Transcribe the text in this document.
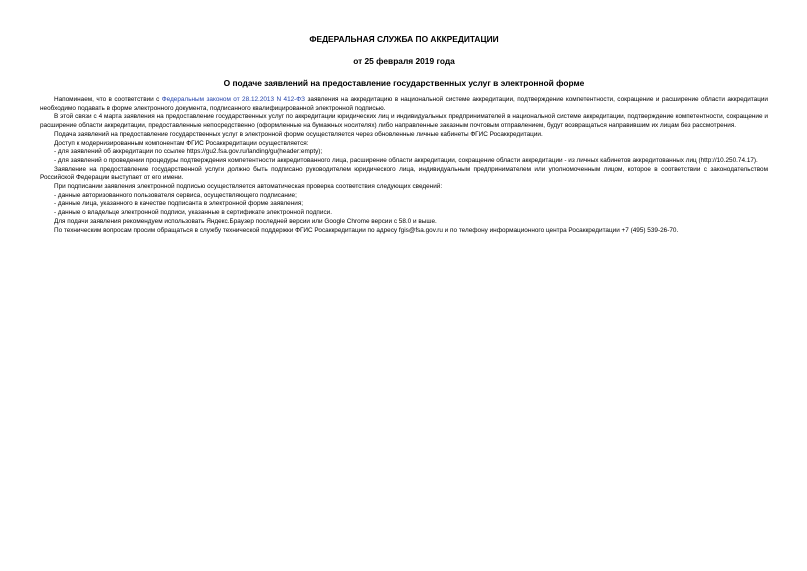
ФЕДЕРАЛЬНАЯ СЛУЖБА ПО АККРЕДИТАЦИИ

от 25 февраля 2019 года

О подаче заявлений на предоставление государственных услуг в электронной форме

Напоминаем, что в соответствии с Федеральным законом от 28.12.2013 N 412-ФЗ заявления на аккредитацию в национальной системе аккредитации, подтверждение компетентности, сокращение и расширение области аккредитации необходимо подавать в форме электронного документа, подписанного квалифицированной электронной подписью.

В этой связи с 4 марта заявления на предоставление государственных услуг по аккредитации юридических лиц и индивидуальных предпринимателей в национальной системе аккредитации, подтверждение компетентности, сокращение и расширение области аккредитации, предоставленные непосредственно (оформленные на бумажных носителях) либо направленные заказным почтовым отправлением, будут возвращаться направившим их лицам без рассмотрения.

Подача заявлений на предоставление государственных услуг в электронной форме осуществляется через обновленные личные кабинеты ФГИС Росаккредитации.

Доступ к модернизированным компонентам ФГИС Росаккредитации осуществляется:

- для заявлений об аккредитации по ссылке https://gu2.fsa.gov.ru/landing/gu(header:empty);

- для заявлений о проведении процедуры подтверждения компетентности аккредитованного лица, расширение области аккредитации, сокращение области аккредитации - из личных кабинетов аккредитованных лиц (http://10.250.74.17).

Заявление на предоставление государственной услуги должно быть подписано руководителем юридического лица, индивидуальным предпринимателем или уполномоченным лицом, которое в соответствии с законодательством Российской Федерации выступает от его имени.

При подписании заявления электронной подписью осуществляется автоматическая проверка соответствия следующих сведений:

- данные авторизованного пользователя сервиса, осуществляющего подписание;

- данные лица, указанного в качестве подписанта в электронной форме заявления;

- данные о владельце электронной подписи, указанные в сертификате электронной подписи.

Для подачи заявления рекомендуем использовать Яндекс.Браузер последней версии или Google Chrome версии с 58.0 и выше.

По техническим вопросам просим обращаться в службу технической поддержки ФГИС Росаккредитации по адресу fgis@fsa.gov.ru и по телефону информационного центра Росаккредитации +7 (495) 539-26-70.
